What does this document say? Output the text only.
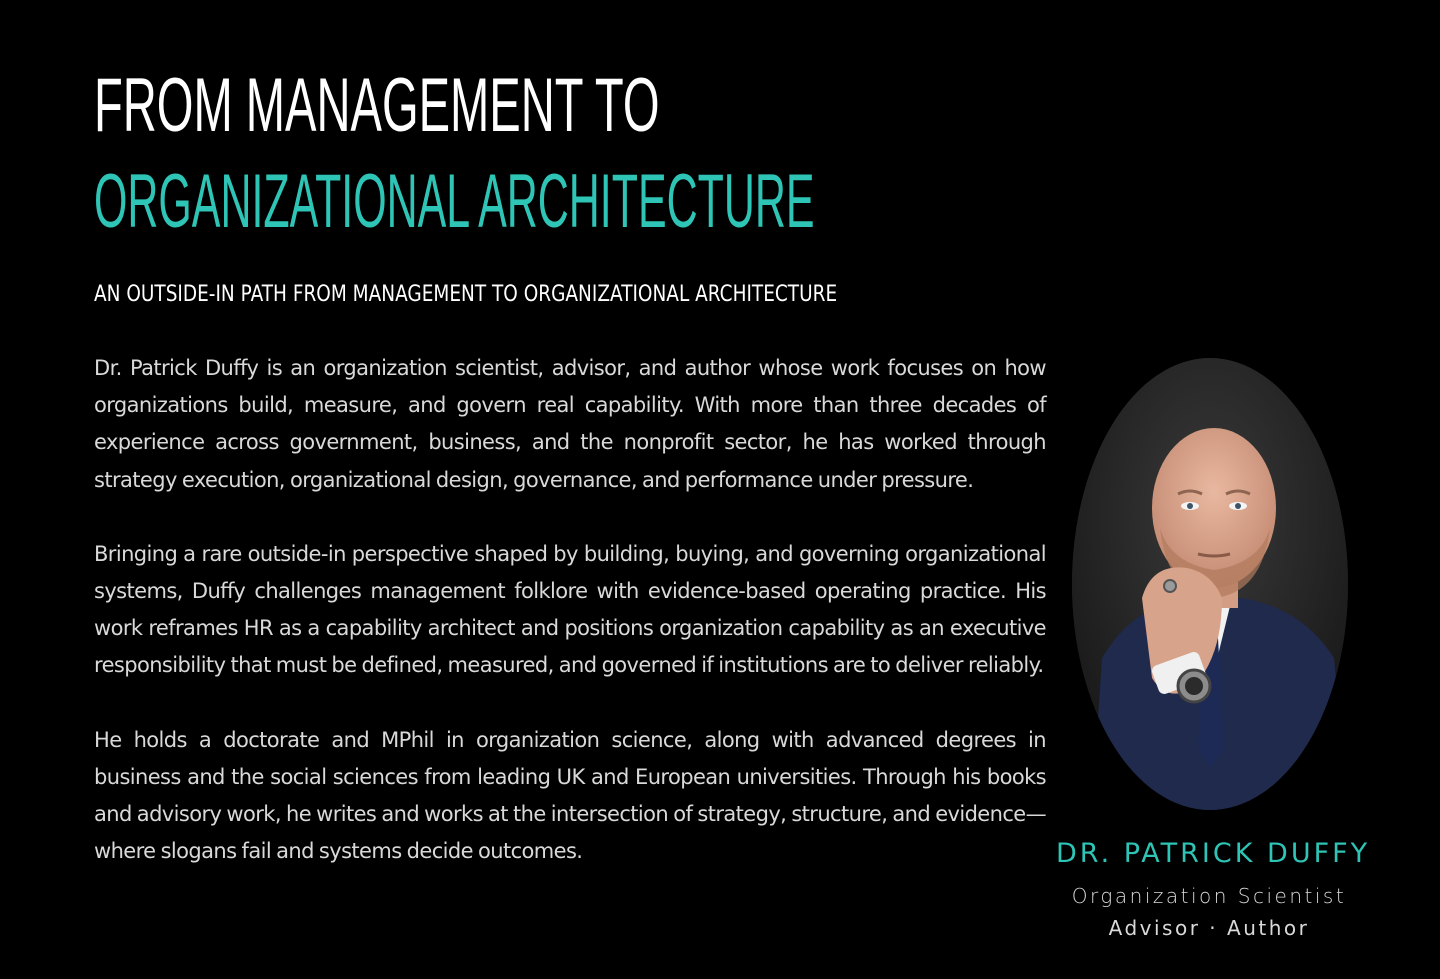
FROM MANAGEMENT TO
ORGANIZATIONAL ARCHITECTURE
AN OUTSIDE-IN PATH FROM MANAGEMENT TO ORGANIZATIONAL ARCHITECTURE

Dr. Patrick Duffy is an organization scientist, advisor, and author whose work focuses on how organizations build, measure, and govern real capability. With more than three decades of experience across government, business, and the nonprofit sector, he has worked through strategy execution, organizational design, governance, and performance under pressure.

Bringing a rare outside-in perspective shaped by building, buying, and governing organizational systems, Duffy challenges management folklore with evidence-based operating practice. His work reframes HR as a capability architect and positions organization capability as an executive responsibility that must be defined, measured, and governed if institutions are to deliver reliably.

He holds a doctorate and MPhil in organization science, along with advanced degrees in business and the social sciences from leading UK and European universities. Through his books and advisory work, he writes and works at the intersection of strategy, structure, and evidence—where slogans fail and systems decide outcomes.	DR. PATRICK DUFFY
Organization Scientist
Advisor · Author
